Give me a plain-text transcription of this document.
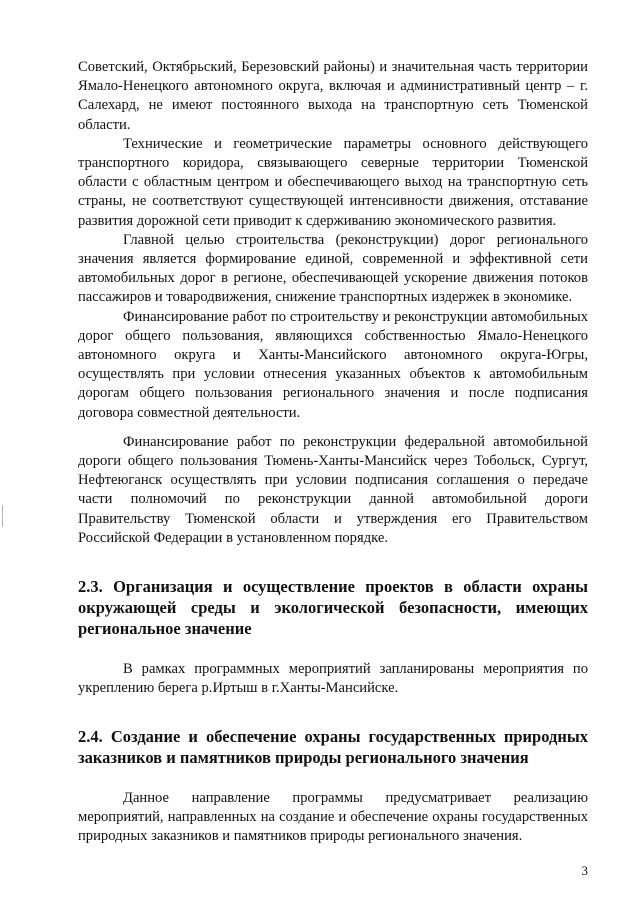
Советский, Октябрьский, Березовский районы) и значительная часть территории Ямало-Ненецкого автономного округа, включая и административный центр – г. Салехард, не имеют постоянного выхода на транспортную сеть Тюменской области.

Технические и геометрические параметры основного действующего транспортного коридора, связывающего северные территории Тюменской области с областным центром и обеспечивающего выход на транспортную сеть страны, не соответствуют существующей интенсивности движения, отставание развития дорожной сети приводит к сдерживанию экономического развития.

Главной целью строительства (реконструкции) дорог регионального значения является формирование единой, современной и эффективной сети автомобильных дорог в регионе, обеспечивающей ускорение движения потоков пассажиров и товародвижения, снижение транспортных издержек в экономике.

Финансирование работ по строительству и реконструкции автомобильных дорог общего пользования, являющихся собственностью Ямало-Ненецкого автономного округа и Ханты-Мансийского автономного округа-Югры, осуществлять при условии отнесения указанных объектов к автомобильным дорогам общего пользования регионального значения и после подписания договора совместной деятельности.

Финансирование работ по реконструкции федеральной автомобильной дороги общего пользования Тюмень-Ханты-Мансийск через Тобольск, Сургут, Нефтеюганск осуществлять при условии подписания соглашения о передаче части полномочий по реконструкции данной автомобильной дороги Правительству Тюменской области и утверждения его Правительством Российской Федерации в установленном порядке.

2.3. Организация и осуществление проектов в области охраны окружающей среды и экологической безопасности, имеющих региональное значение

В рамках программных мероприятий запланированы мероприятия по укреплению берега р.Иртыш в г.Ханты-Мансийске.

2.4. Создание и обеспечение охраны государственных природных заказников и памятников природы регионального значения

Данное направление программы предусматривает реализацию мероприятий, направленных на создание и обеспечение охраны государственных природных заказников и памятников природы регионального значения.

3
